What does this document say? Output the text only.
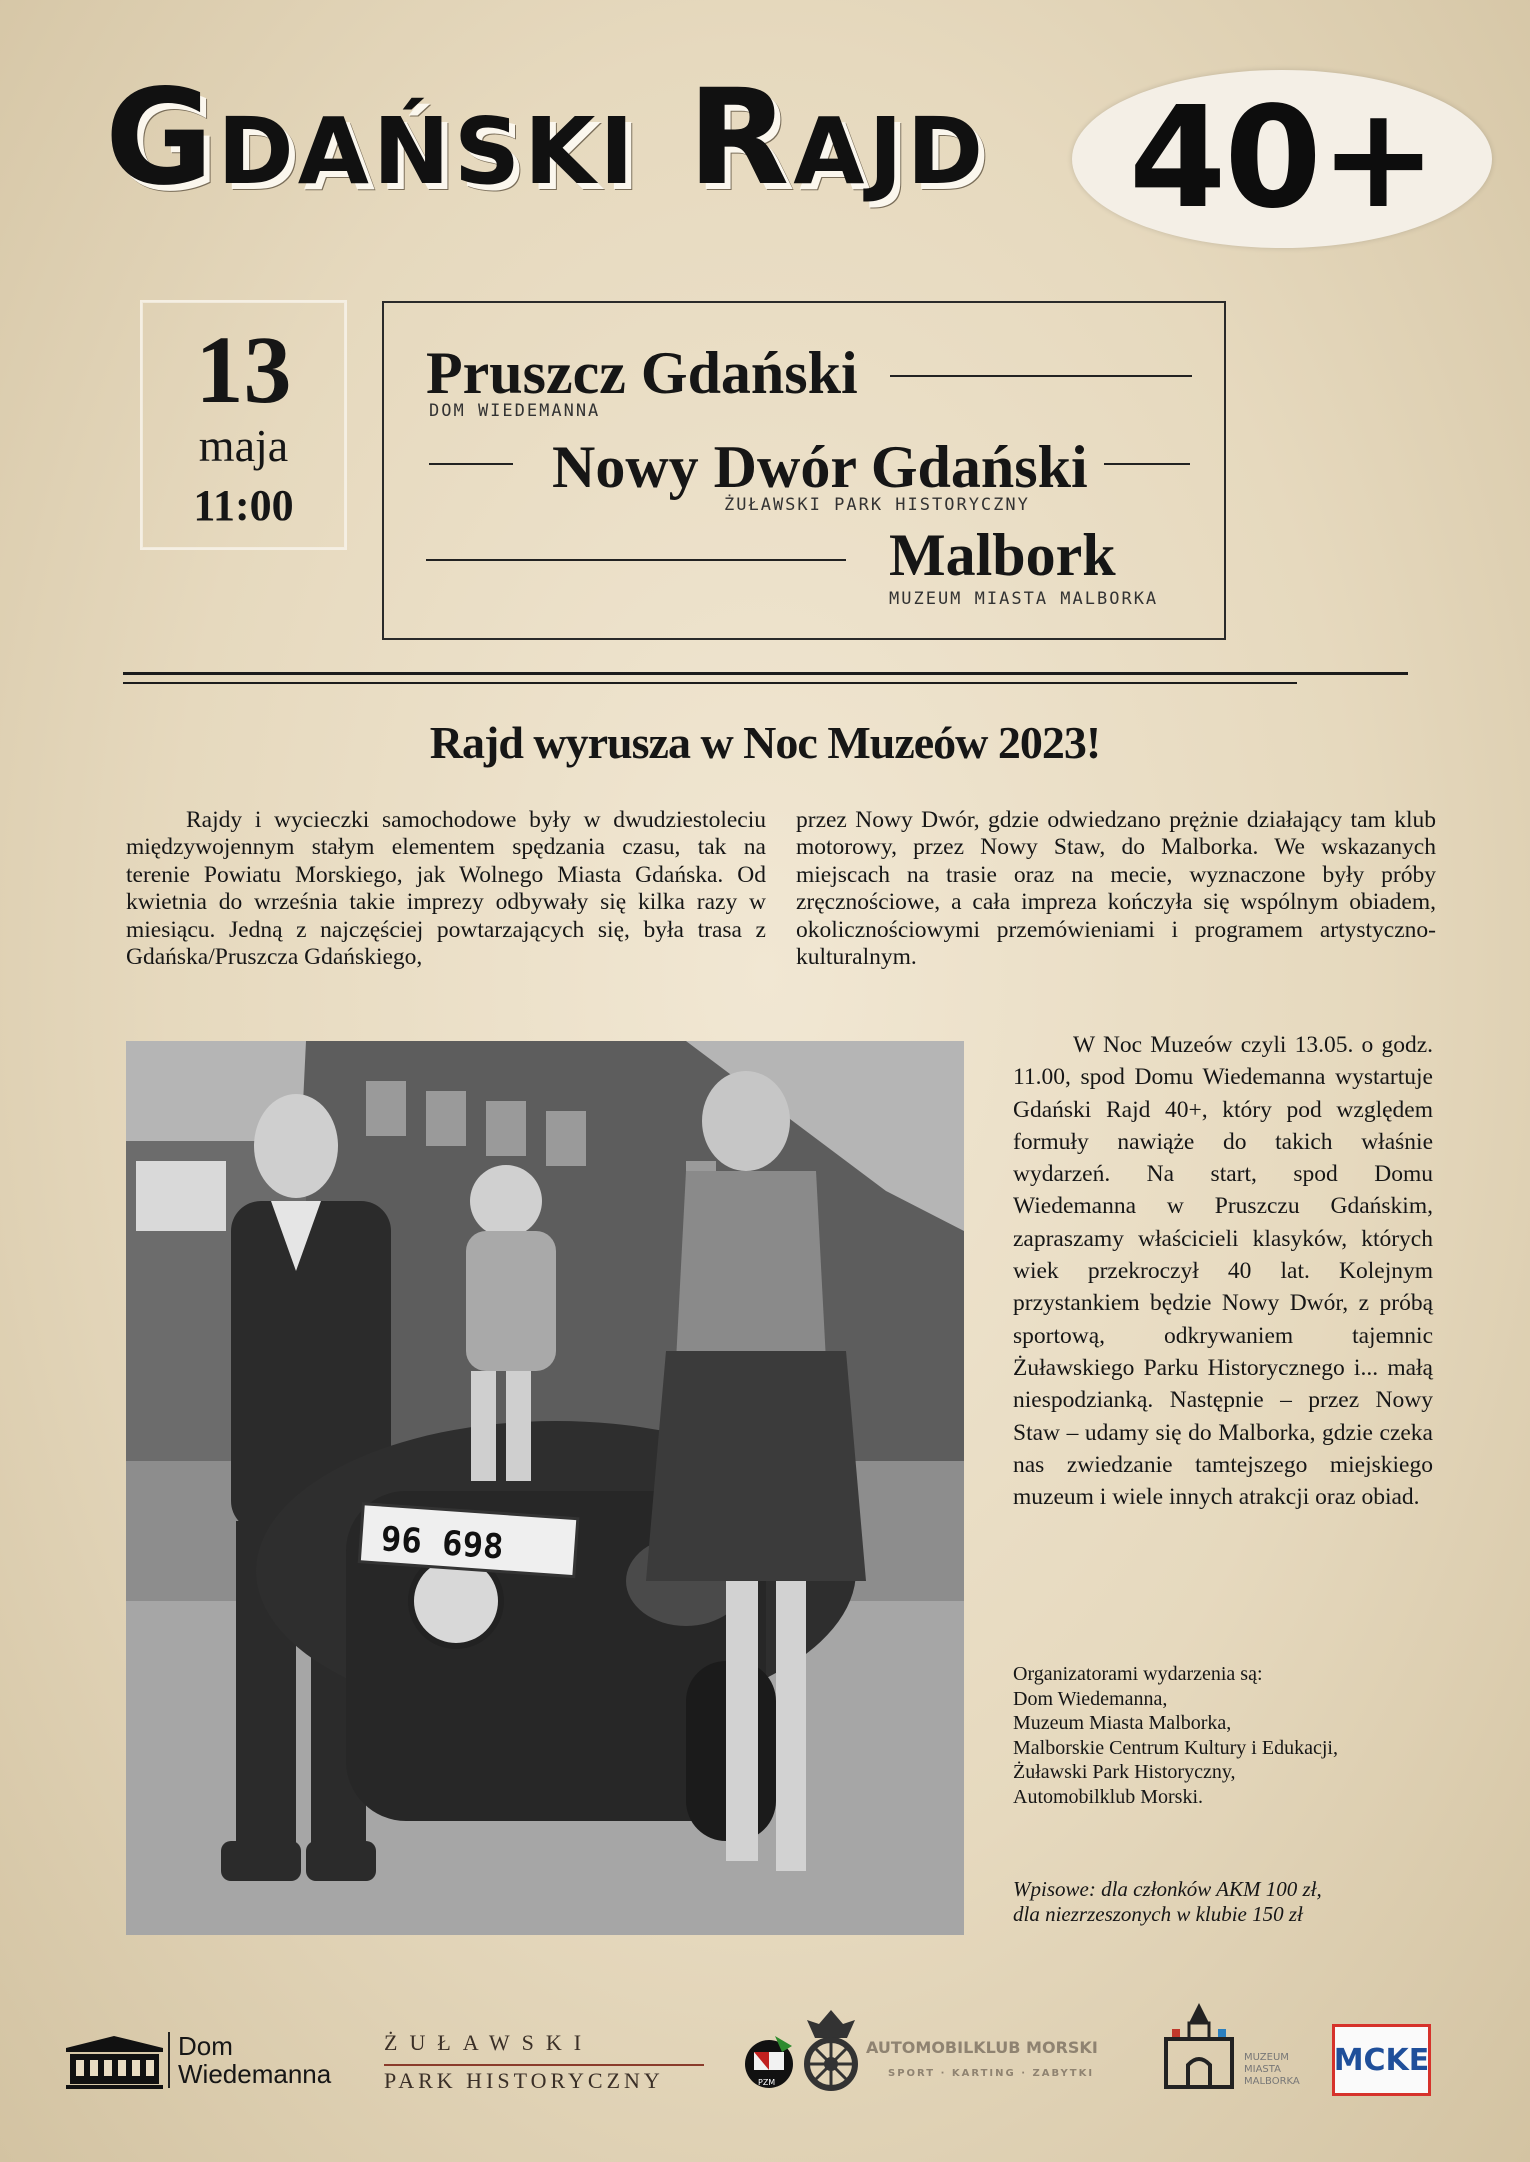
Gdański Rajd 40+
13
maja
11:00
Pruszcz Gdański
DOM WIEDEMANNA
Nowy Dwór Gdański
ŻUŁAWSKI PARK HISTORYCZNY
Malbork
MUZEUM MIASTA MALBORKA
Rajd wyrusza w Noc Muzeów 2023!

Rajdy i wycieczki samochodowe były w dwudziestoleciu międzywojennym stałym elementem spędzania czasu, tak na terenie Powiatu Morskiego, jak Wolnego Miasta Gdańska. Od kwietnia do września takie imprezy odbywały się kilka razy w miesiącu. Jedną z najczęściej powtarzających się, była trasa z Gdańska/Pruszcza Gdańskiego,

przez Nowy Dwór, gdzie odwiedzano prężnie działający tam klub motorowy, przez Nowy Staw, do Malborka. We wskazanych miejscach na trasie oraz na mecie, wyznaczone były próby zręcznościowe, a cała impreza kończyła się wspólnym obiadem, okolicznościowymi przemówieniami i programem artystyczno-kulturalnym.

W Noc Muzeów czyli 13.05. o godz. 11.00, spod Domu Wiedemanna wystartuje Gdański Rajd 40+, który pod względem formuły nawiąże do takich właśnie wydarzeń. Na start, spod Domu Wiedemanna w Pruszczu Gdańskim, zapraszamy właścicieli klasyków, których wiek przekroczył 40 lat. Kolejnym przystankiem będzie Nowy Dwór, z próbą sportową, odkrywaniem tajemnic Żuławskiego Parku Historycznego i... małą niespodzianką. Następnie – przez Nowy Staw – udamy się do Malborka, gdzie czeka nas zwiedzanie tamtejszego miejskiego muzeum i wiele innych atrakcji oraz obiad.

96 698
Organizatorami wydarzenia są:
Dom Wiedemanna,
Muzeum Miasta Malborka,
Malborskie Centrum Kultury i Edukacji,
Żuławski Park Historyczny,
Automobilklub Morski.
Wpisowe: dla członków AKM 100 zł,
dla niezrzeszonych w klubie 150 zł
Dom
Wiedemanna
ŻUŁAWSKI
PARK HISTORYCZNY	PZM
AUTOMOBILKLUB MORSKI
SPORT · KARTING · ZABYTKI
MUZEUM
MIASTA
MALBORKA
MCKE
